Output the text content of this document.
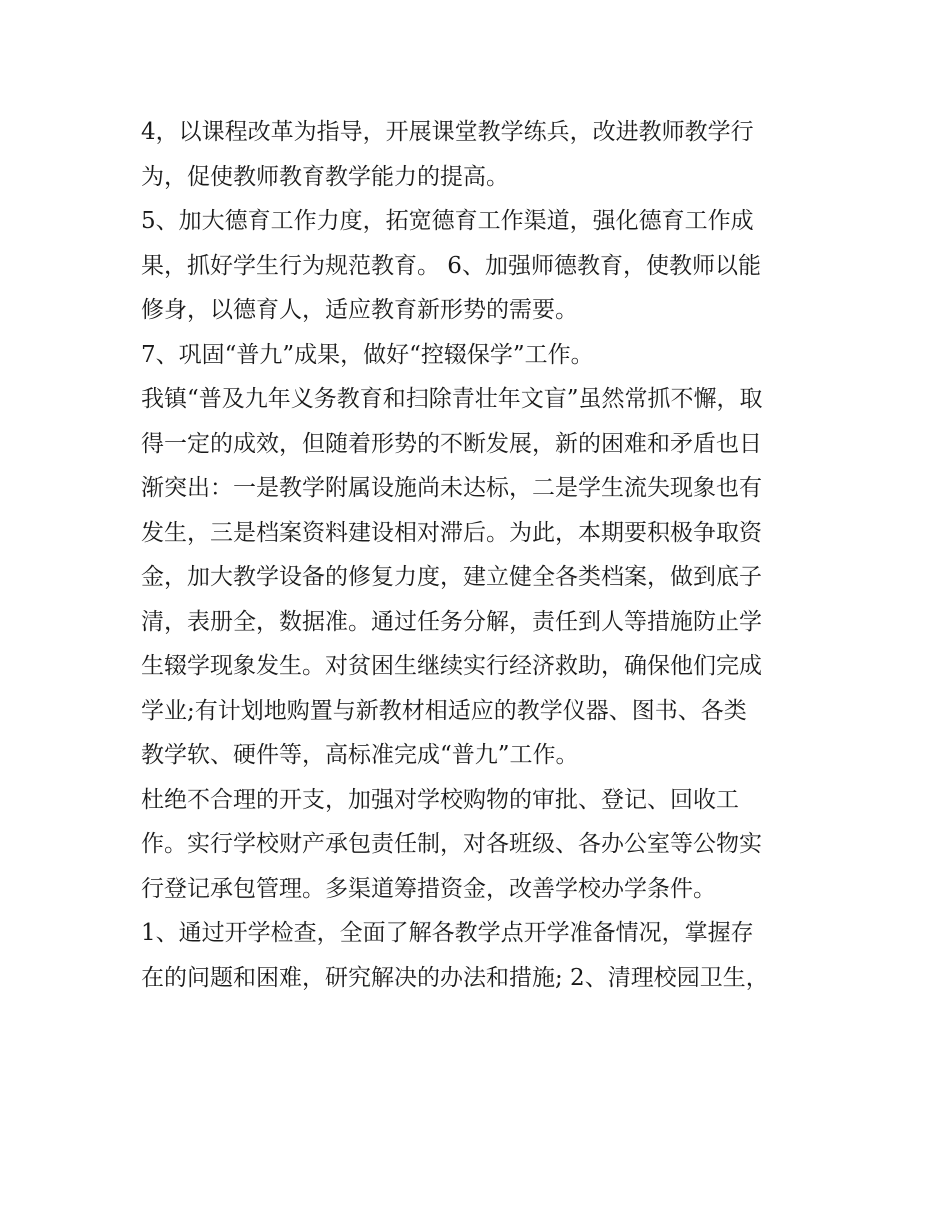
4，以课程改革为指导，开展课堂教学练兵，改进教师教学行
为，促使教师教育教学能力的提高。

5、加大德育工作力度，拓宽德育工作渠道，强化德育工作成
果，抓好学生行为规范教育。 6、加强师德教育，使教师以能
修身，以德育人，适应教育新形势的需要。

7、巩固“普九”成果，做好“控辍保学”工作。

我镇“普及九年义务教育和扫除青壮年文盲”虽然常抓不懈，取
得一定的成效，但随着形势的不断发展，新的困难和矛盾也日
渐突出：一是教学附属设施尚未达标，二是学生流失现象也有
发生，三是档案资料建设相对滞后。为此，本期要积极争取资
金，加大教学设备的修复力度，建立健全各类档案，做到底子
清，表册全，数据准。通过任务分解，责任到人等措施防止学
生辍学现象发生。对贫困生继续实行经济救助，确保他们完成
学业;有计划地购置与新教材相适应的教学仪器、图书、各类
教学软、硬件等，高标准完成“普九”工作。

杜绝不合理的开支，加强对学校购物的审批、登记、回收工
作。实行学校财产承包责任制，对各班级、各办公室等公物实
行登记承包管理。多渠道筹措资金，改善学校办学条件。

1、通过开学检查，全面了解各教学点开学准备情况，掌握存
在的问题和困难，研究解决的办法和措施; 2、清理校园卫生，
